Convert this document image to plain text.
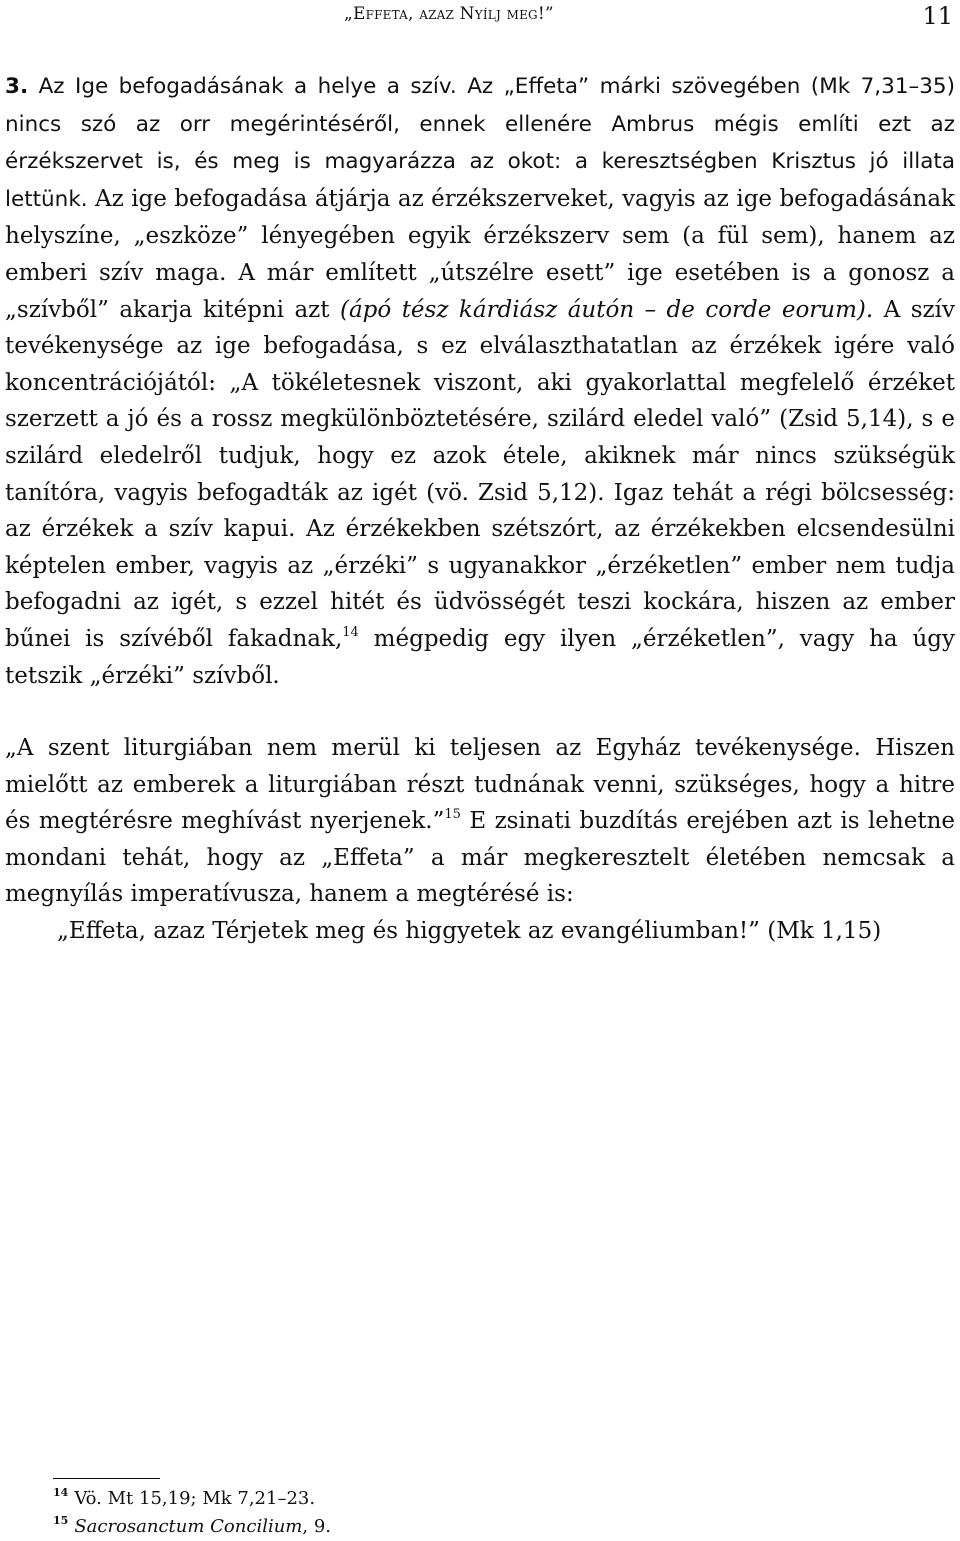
„Effeta, azaz Nyílj meg!”	11

3. Az Ige befogadásának a helye a szív. Az „Effeta” márki szövegében (Mk 7,31–35) nincs szó az orr megérintéséről, ennek ellenére Ambrus mégis említi ezt az érzékszervet is, és meg is magyarázza az okot: a keresztségben Krisztus jó illata lettünk. Az ige befogadása átjárja az érzékszerveket, vagyis az ige befogadásának helyszíne, „eszköze” lényegében egyik érzékszerv sem (a fül sem), hanem az emberi szív maga. A már említett „útszélre esett” ige esetében is a gonosz a „szívből” akarja kitépni azt (ápó tész kárdiász áutón – de corde eorum). A szív tevékenysége az ige befogadása, s ez elválaszthatatlan az érzékek igére való koncentrációjától: „A tökéletesnek viszont, aki gyakorlattal megfelelő érzéket szerzett a jó és a rossz megkülönböztetésére, szilárd eledel való” (Zsid 5,14), s e szilárd eledelről tudjuk, hogy ez azok étele, akiknek már nincs szükségük tanítóra, vagyis befogadták az igét (vö. Zsid 5,12). Igaz tehát a régi bölcsesség: az érzékek a szív kapui. Az érzékekben szétszórt, az érzékekben elcsendesülni képtelen ember, vagyis az „érzéki” s ugyanakkor „érzéketlen” ember nem tudja befogadni az igét, s ezzel hitét és üdvösségét teszi kockára, hiszen az ember bűnei is szívéből fakadnak,$^{14}$ mégpedig egy ilyen „érzéketlen”, vagy ha úgy tetszik „érzéki” szívből.

„A szent liturgiában nem merül ki teljesen az Egyház tevékenysége. Hiszen mielőtt az emberek a liturgiában részt tudnának venni, szükséges, hogy a hitre és megtérésre meghívást nyerjenek.”$^{15}$ E zsinati buzdítás erejében azt is lehetne mondani tehát, hogy az „Effeta” a már megkeresztelt életében nemcsak a megnyílás imperatívusza, hanem a megtérésé is:

„Effeta, azaz Térjetek meg és higgyetek az evangéliumban!” (Mk 1,15)

$^{14}$ Vö. Mt 15,19; Mk 7,21–23.
$^{15}$ Sacrosanctum Concilium, 9.
